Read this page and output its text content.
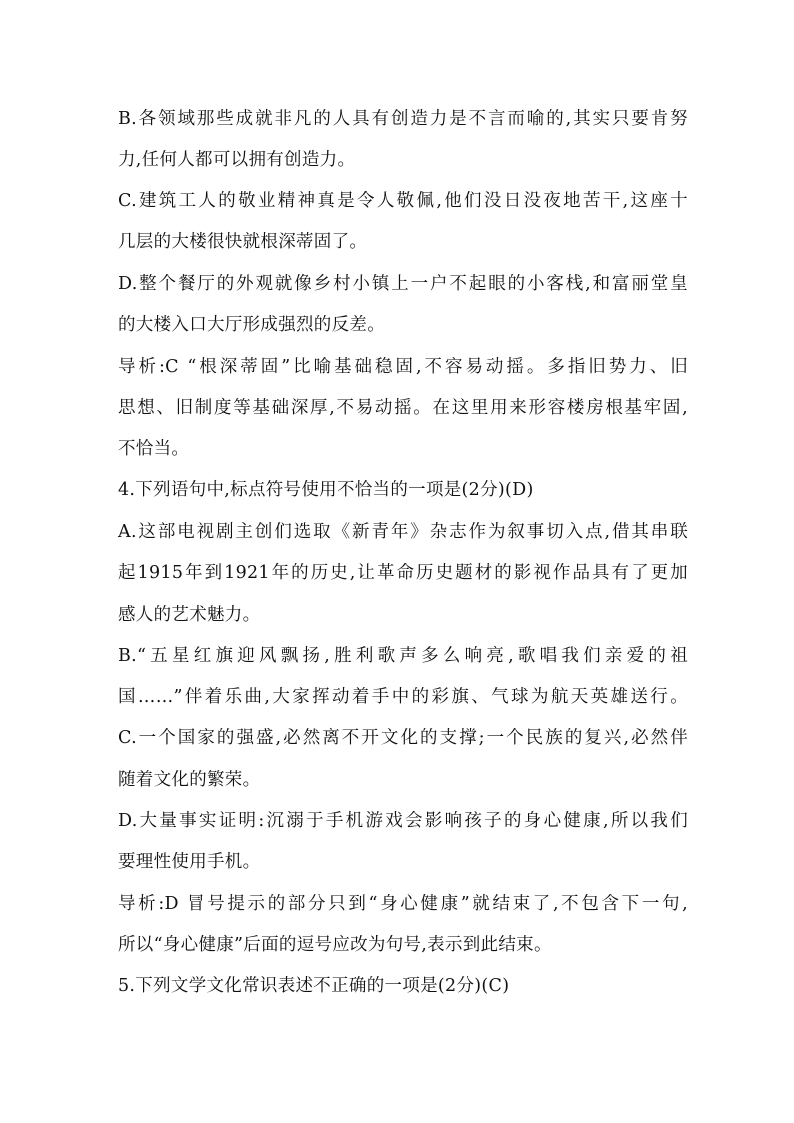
B.各领域那些成就非凡的人具有创造力是不言而喻的,其实只要肯努
力,任何人都可以拥有创造力。
C.建筑工人的敬业精神真是令人敬佩,他们没日没夜地苦干,这座十
几层的大楼很快就根深蒂固了。
D.整个餐厅的外观就像乡村小镇上一户不起眼的小客栈,和富丽堂皇
的大楼入口大厅形成强烈的反差。
导析:C “根深蒂固”比喻基础稳固,不容易动摇。多指旧势力、旧
思想、旧制度等基础深厚,不易动摇。在这里用来形容楼房根基牢固,
不恰当。
4.下列语句中,标点符号使用不恰当的一项是(2分)(D)
A.这部电视剧主创们选取《新青年》杂志作为叙事切入点,借其串联
起1915年到1921年的历史,让革命历史题材的影视作品具有了更加
感人的艺术魅力。
B.“五星红旗迎风飘扬,胜利歌声多么响亮,歌唱我们亲爱的祖
国……”伴着乐曲,大家挥动着手中的彩旗、气球为航天英雄送行。
C.一个国家的强盛,必然离不开文化的支撑;一个民族的复兴,必然伴
随着文化的繁荣。
D.大量事实证明:沉溺于手机游戏会影响孩子的身心健康,所以我们
要理性使用手机。
导析:D 冒号提示的部分只到“身心健康”就结束了,不包含下一句,
所以“身心健康”后面的逗号应改为句号,表示到此结束。
5.下列文学文化常识表述不正确的一项是(2分)(C)
